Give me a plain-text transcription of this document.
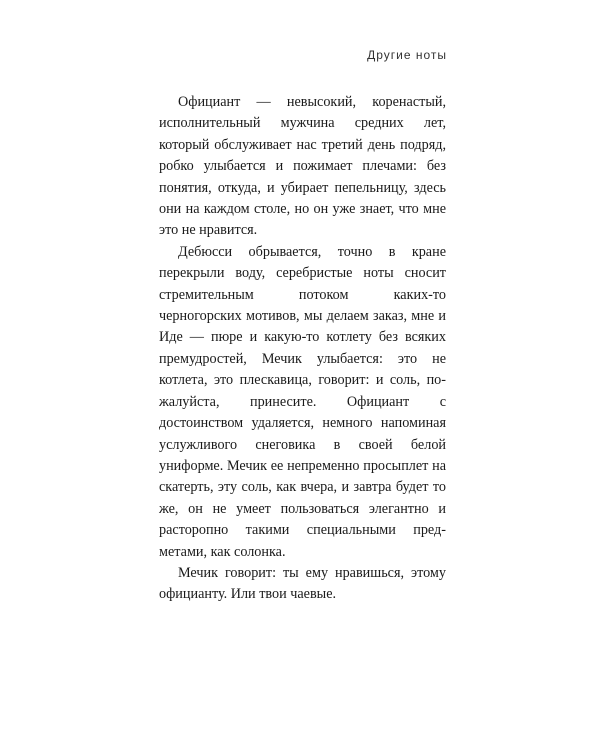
Другие ноты

Официант — невысокий, коренастый, исполнительный мужчина средних лет, который обслуживает нас третий день подряд, робко улыбается и пожимает плечами: без понятия, откуда, и убирает пепельницу, здесь они на каждом столе, но он уже знает, что мне это не нравится.

Дебюсси обрывается, точно в кране перекрыли воду, серебристые ноты сносит стремительным потоком каких-то черногорских мотивов, мы делаем заказ, мне и Иде — пюре и какую-то котлету без всяких премудростей, Мечик улыбается: это не котлета, это плескавица, говорит: и соль, пожалуйста, принесите. Официант с достоинством удаляется, немного напоминая услужливого снеговика в своей белой униформе. Мечик ее непременно просыплет на скатерть, эту соль, как вчера, и завтра будет то же, он не умеет пользоваться элегантно и расторопно такими специальными предметами, как солонка.

Мечик говорит: ты ему нравишься, этому официанту. Или твои чаевые.
